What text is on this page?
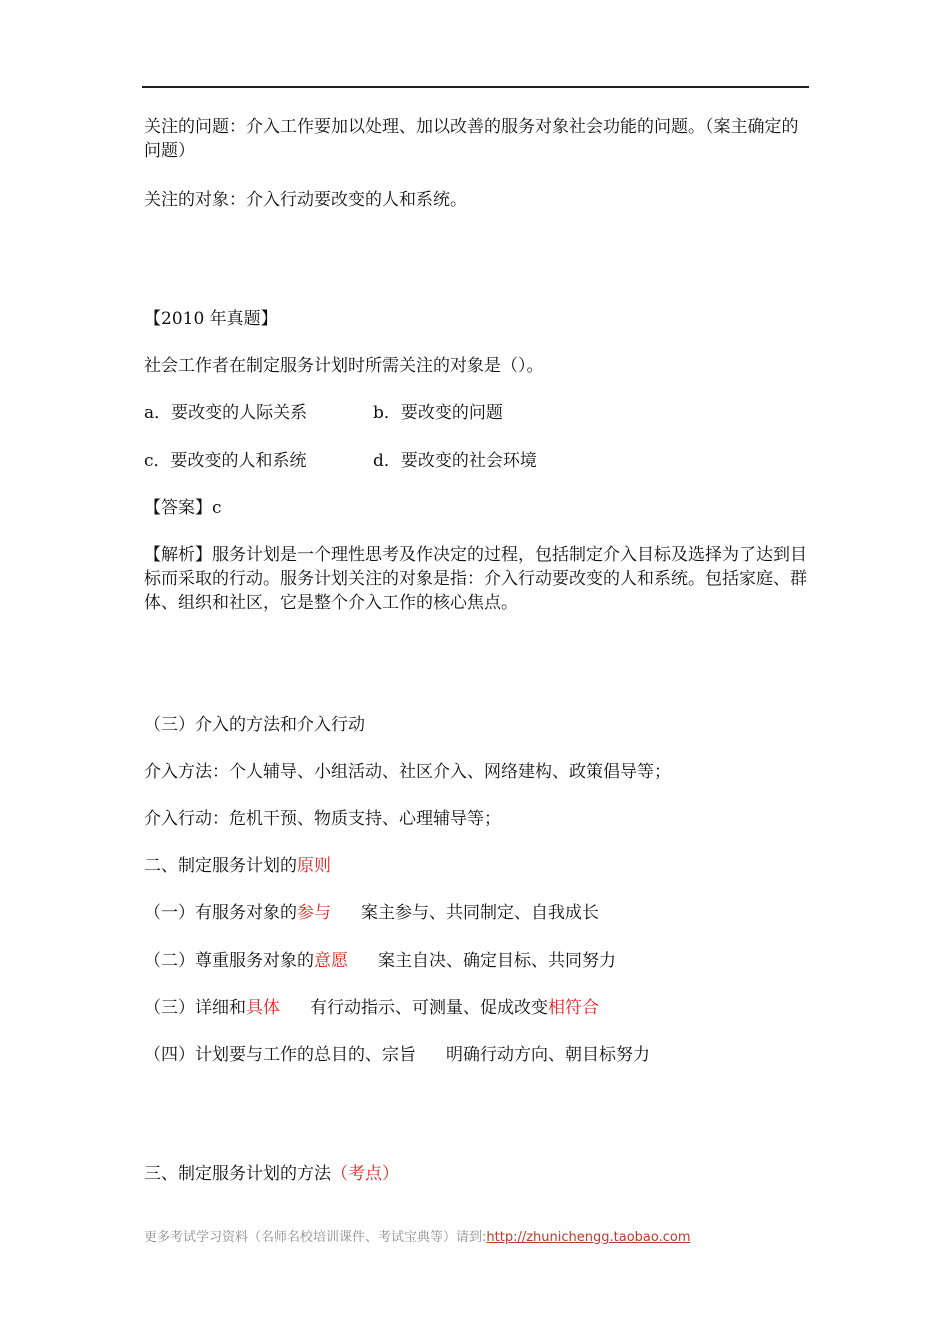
关注的问题：介入工作要加以处理、加以改善的服务对象社会功能的问题。（案主确定的问题）
关注的对象：介入行动要改变的人和系统。
【2010 年真题】
社会工作者在制定服务计划时所需关注的对象是（）。
a．要改变的人际关系	b．要改变的问题
c．要改变的人和系统	d．要改变的社会环境
【答案】c
【解析】服务计划是一个理性思考及作决定的过程，包括制定介入目标及选择为了达到目标而采取的行动。服务计划关注的对象是指：介入行动要改变的人和系统。包括家庭、群体、组织和社区，它是整个介入工作的核心焦点。
（三）介入的方法和介入行动
介入方法：个人辅导、小组活动、社区介入、网络建构、政策倡导等；
介入行动：危机干预、物质支持、心理辅导等；
二、制定服务计划的原则
（一）有服务对象的参与 案主参与、共同制定、自我成长
（二）尊重服务对象的意愿 案主自决、确定目标、共同努力
（三）详细和具体 有行动指示、可测量、促成改变相符合
（四）计划要与工作的总目的、宗旨 明确行动方向、朝目标努力
三、制定服务计划的方法（考点）
更多考试学习资料（名师名校培训课件、考试宝典等）请到:http://zhunichengg.taobao.com
